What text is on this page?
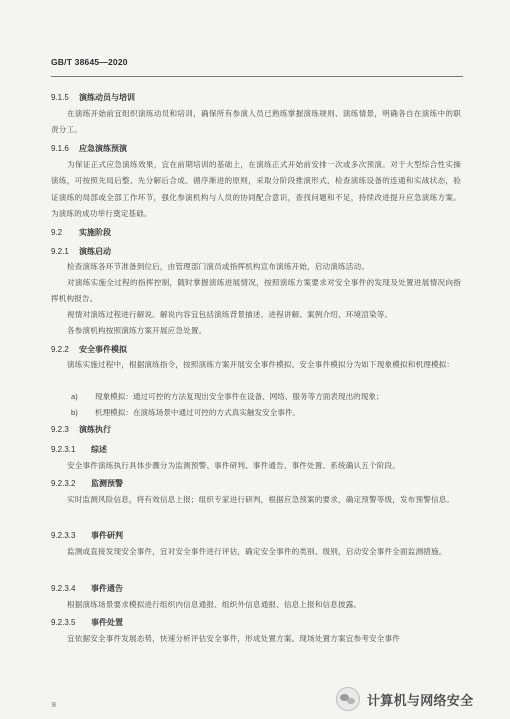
GB/T 38645—2020
9.1.5 演练动员与培训

在演练开始前宜组织演练动员和培训，确保所有参演人员已熟练掌握演练规则、演练情景，明确各自在演练中的职责分工。

9.1.6 应急演练预演

为保证正式应急演练效果，宜在前期培训的基础上，在演练正式开始前安排一次或多次预演。对于大型综合性实操演练，可按照先局后整、先分解后合成、循序渐进的原则，采取分阶段推演形式，检查演练设备的连通和实战状态，验证演练的局部或全部工作环节，强化参演机构与人员的协同配合意识，查找问题和不足，持续改进提升应急演练方案。为演练的成功举行奠定基础。

9.2 实施阶段
9.2.1 演练启动

检查演练各环节准备到位后，由管理部门演员或指挥机构宣布演练开始，启动演练活动。

对演练实施全过程的指挥控制，随时掌握演练进展情况，按照演练方案要求对安全事件的发现及处置进展情况向指挥机构报告。

视情对演练过程进行解说。解说内容宜包括演练背景描述、进程讲解、案例介绍、环境渲染等。

各参演机构按照演练方案开展应急处置。

9.2.2 安全事件模拟

演练实施过程中，根据演练指令，按照演练方案开展安全事件模拟。安全事件模拟分为如下现象模拟和机理模拟：

a) 现象模拟：通过可控的方法复现出安全事件在设备、网络、服务等方面表现出的现象；
b) 机理模拟：在演练场景中通过可控的方式真实触发安全事件。
9.2.3 演练执行
9.2.3.1 综述

安全事件演练执行具体步骤分为监测预警、事件研判、事件通告、事件处置、系统确认五个阶段。

9.2.3.2 监测预警

实时监测风险信息，将有效信息上报；组织专家进行研判，根据应急预案的要求，确定预警等级，发布预警信息。

9.2.3.3 事件研判

监测或直接发现安全事件，宜对安全事件进行评估，确定安全事件的类别、级别，启动安全事件全面监测措施。

9.2.3.4 事件通告

根据演练场景要求模拟进行组织内信息通报、组织外信息通报、信息上报和信息披露。

9.2.3.5 事件处置

宜依据安全事件发展态势，快速分析评估安全事件，形成处置方案。现场处置方案宜参考安全事件

8	计算机与网络安全
